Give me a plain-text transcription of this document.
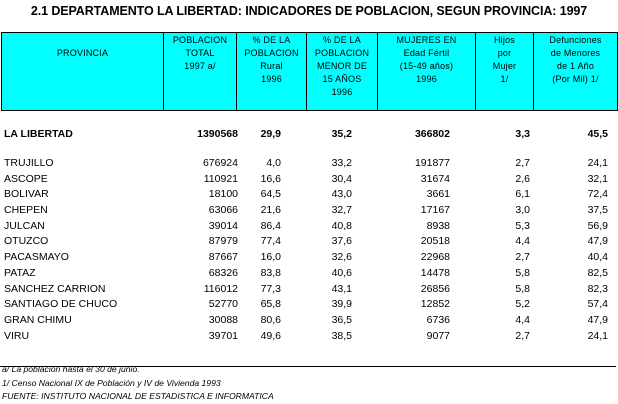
2.1 DEPARTAMENTO LA LIBERTAD: INDICADORES DE POBLACION, SEGUN PROVINCIA: 1997
PROVINCIA

POBLACION
TOTAL
1997 a/

% DE LA
POBLACION
Rural
1996

% DE LA
POBLACION
MENOR DE
15 AÑOS
1996

MUJERES EN
Edad Fértil
(15-49 años)
1996

Hijos
por
Mujer
1/

Defunciones
de Menores
de 1 Año
(Por Mil) 1/
LA LIBERTAD	1390568 29,9	35,2	366802	3,3	45,5
TRUJILLO	676924	4,0	33,2	191877	2,7	24,1
ASCOPE	110921 16,6	30,4	31674	2,6	32,1
BOLIVAR	18100 64,5	43,0	3661	6,1	72,4
CHEPEN	63066 21,6	32,7	17167	3,0	37,5
JULCAN	39014 86,4	40,8	8938	5,3	56,9
OTUZCO	87979 77,4	37,6	20518	4,4	47,9
PACASMAYO	87667 16,0	32,6	22968	2,7	40,4
PATAZ	68326 83,8	40,6	14478	5,8	82,5
SANCHEZ CARRION	116012 77,3	43,1	26856	5,8	82,3
SANTIAGO DE CHUCO	52770 65,8	39,9	12852	5,2	57,4
GRAN CHIMU	30088 80,6	36,5	6736	4,4	47,9
VIRU	39701 49,6	38,5	9077	2,7	24,1
a/ La población hasta el 30 de junio.
1/ Censo Nacional IX de Población y IV de Vivienda 1993
FUENTE: INSTITUTO NACIONAL DE ESTADISTICA E INFORMATICA
